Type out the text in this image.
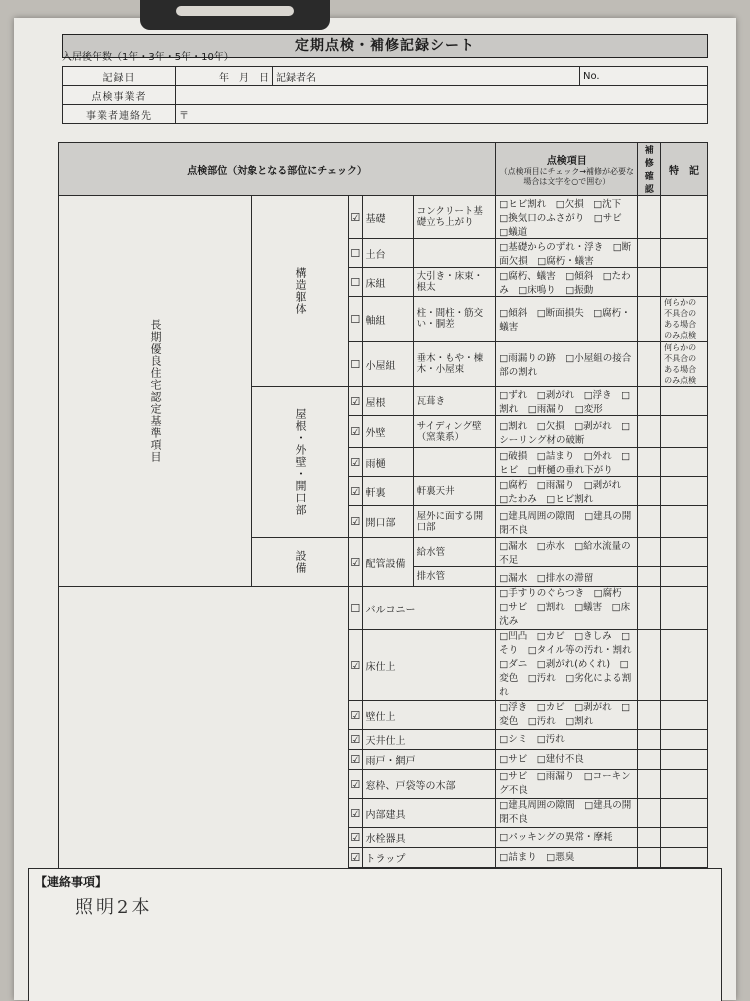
定期点検・補修記録シート
入居後年数（1年・3年・5年・10年）
記録日	年　月　日	記録者名	No.
点検事業者			
事業者連絡先	〒		
点検部位（対象となる部位にチェック）					点検項目
（点検項目にチェック→補修が必要な場合は文字を○で囲む）	補修確認	特　記
長期優良住宅認定基準項目	構造躯体	☑	基礎	コンクリート基礎立ち上がり	□ヒビ割れ　□欠損　□沈下　□換気口のふさがり　□サビ　□蟻道		
		☐	土台		□基礎からのずれ・浮き　□断面欠損　□腐朽・蟻害		
		☐	床組	大引き・床束・根太	□腐朽、蟻害　□傾斜　□たわみ　□床鳴り　□振動		
		☐	軸組	柱・間柱・筋交い・胴差	□傾斜　□断面損失　□腐朽・蟻害		何らかの不具合のある場合のみ点検
		☐	小屋組	垂木・もや・棟木・小屋束	□雨漏りの跡　□小屋組の接合部の割れ		何らかの不具合のある場合のみ点検
	屋根・外壁・開口部	☑	屋根	瓦葺き	□ずれ　□剥がれ　□浮き　□割れ　□雨漏り　□変形		
		☑	外壁	サイディング壁（窯業系）	□割れ　□欠損　□剥がれ　□シーリング材の破断		
		☑	雨樋		□破損　□詰まり　□外れ　□ヒビ　□軒樋の垂れ下がり		
		☑	軒裏	軒裏天井	□腐朽　□雨漏り　□剥がれ　□たわみ　□ヒビ割れ		
		☑	開口部	屋外に面する開口部	□建具周囲の隙間　□建具の開閉不良		
	設備	☑	配管設備	給水管	□漏水　□赤水　□給水流量の不足		
				排水管	□漏水　□排水の滞留		
		☐	バルコニー		□手すりのぐらつき　□腐朽　□サビ　□割れ　□蟻害　□床沈み		
		☑	床仕上		□凹凸　□カビ　□きしみ　□そり　□タイル等の汚れ・割れ
□ダニ　□剥がれ(めくれ)　□変色　□汚れ　□劣化による割れ		
		☑	壁仕上		□浮き　□カビ　□剥がれ　□変色　□汚れ　□割れ		
		☑	天井仕上		□シミ　□汚れ		
		☑	雨戸・網戸		□サビ　□建付不良		
		☑	窓枠、戸袋等の木部		□サビ　□雨漏り　□コーキング不良		
		☑	内部建具		□建具周囲の隙間　□建具の開閉不良		
		☑	水栓器具		□パッキングの異常・摩耗		
		☑	トラップ		□詰まり　□悪臭		

【連絡事項】
照明2本
